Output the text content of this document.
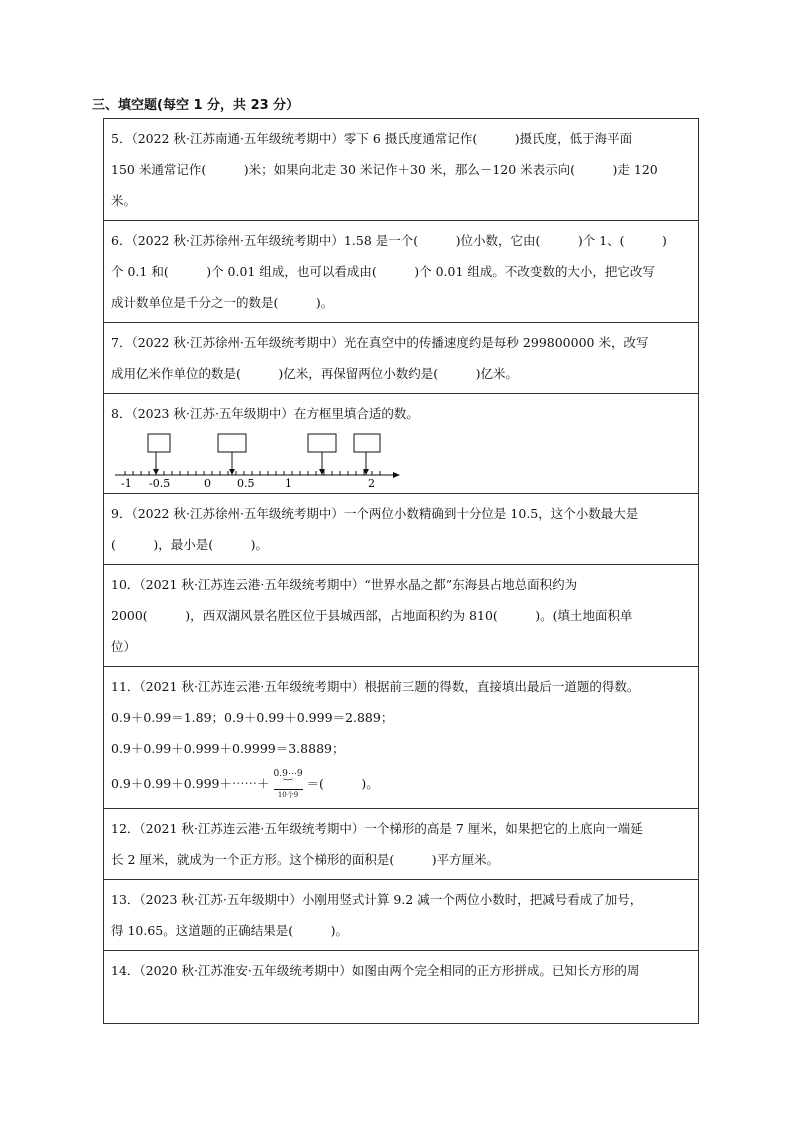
三、填空题(每空 1 分，共 23 分）
5．（2022 秋·江苏南通·五年级统考期中）零下 6 摄氏度通常记作(　　　)摄氏度，低于海平面
150 米通常记作(　　　)米；如果向北走 30 米记作＋30 米，那么－120 米表示向(　　　)走 120
米。

6．（2022 秋·江苏徐州·五年级统考期中）1.58 是一个(　　　)位小数，它由(　　　)个 1、(　　　)
个 0.1 和(　　　)个 0.01 组成，也可以看成由(　　　)个 0.01 组成。不改变数的大小，把它改写
成计数单位是千分之一的数是(　　　)。

7．（2022 秋·江苏徐州·五年级统考期中）光在真空中的传播速度约是每秒 299800000 米，改写
成用亿米作单位的数是(　　　)亿米，再保留两位小数约是(　　　)亿米。

8．（2023 秋·江苏·五年级期中）在方框里填合适的数。
-1 -0.5	0 0.5	1	2

9．（2022 秋·江苏徐州·五年级统考期中）一个两位小数精确到十分位是 10.5，这个小数最大是
(　　　)，最小是(　　　)。

10．（2021 秋·江苏连云港·五年级统考期中）“世界水晶之都”东海县占地总面积约为
2000(　　　)，西双湖风景名胜区位于县城西部，占地面积约为 810(　　　)。(填土地面积单
位）

11．（2021 秋·江苏连云港·五年级统考期中）根据前三题的得数，直接填出最后一道题的得数。
0.9＋0.99＝1.89；0.9＋0.99＋0.999＝2.889；
0.9＋0.99＋0.999＋0.9999＝3.8889；
0.9＋0.99＋0.999＋⋯⋯＋
0.9⋯9
︸
10个9
＝(　　　)。

12．（2021 秋·江苏连云港·五年级统考期中）一个梯形的高是 7 厘米，如果把它的上底向一端延
长 2 厘米，就成为一个正方形。这个梯形的面积是(　　　)平方厘米。

13．（2023 秋·江苏·五年级期中）小刚用竖式计算 9.2 减一个两位小数时，把减号看成了加号，
得 10.65。这道题的正确结果是(　　　)。

14．（2020 秋·江苏淮安·五年级统考期中）如图由两个完全相同的正方形拼成。已知长方形的周
